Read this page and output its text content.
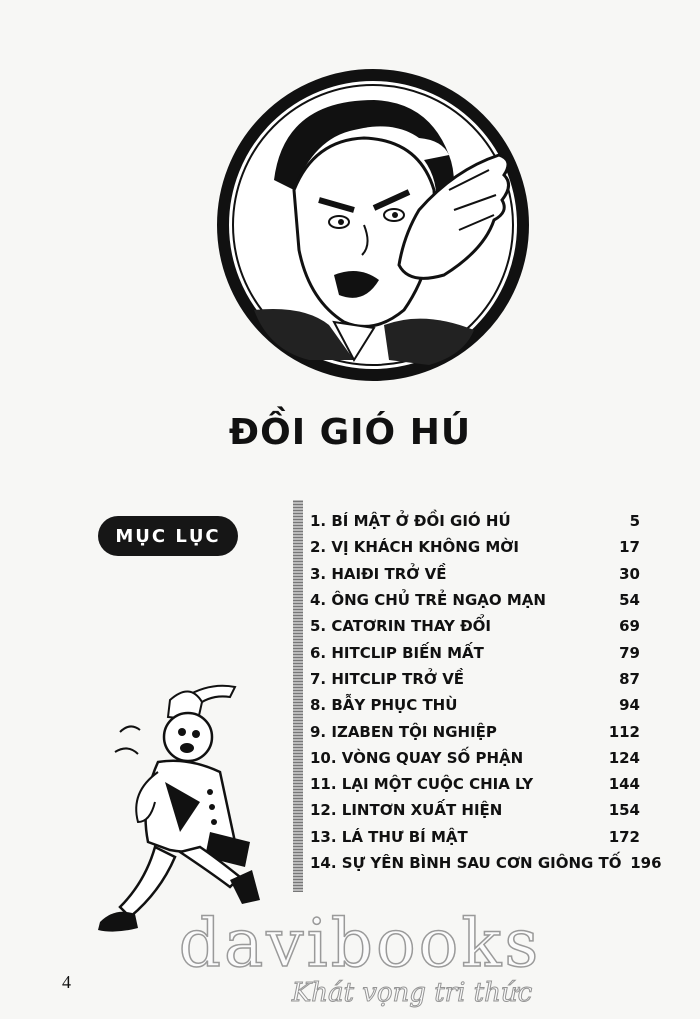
ĐỒI GIÓ HÚ
MỤC LỤC
1. BÍ MẬT Ở ĐỒI GIÓ HÚ	5
2. VỊ KHÁCH KHÔNG MỜI	17
3. HAIĐI TRỞ VỀ	30
4. ÔNG CHỦ TRẺ NGẠO MẠN	54
5. CATƠRIN THAY ĐỔI	69
6. HITCLIP BIẾN MẤT	79
7. HITCLIP TRỞ VỀ	87
8. BẪY PHỤC THÙ	94
9. IZABEN TỘI NGHIỆP	112
10. VÒNG QUAY SỐ PHẬN	124
11. LẠI MỘT CUỘC CHIA LY	144
12. LINTƠN XUẤT HIỆN	154
13. LÁ THƯ BÍ MẬT	172
14. SỰ YÊN BÌNH SAU CƠN GIÔNG TỐ 196
4	davibooks
Khát vọng tri thức
